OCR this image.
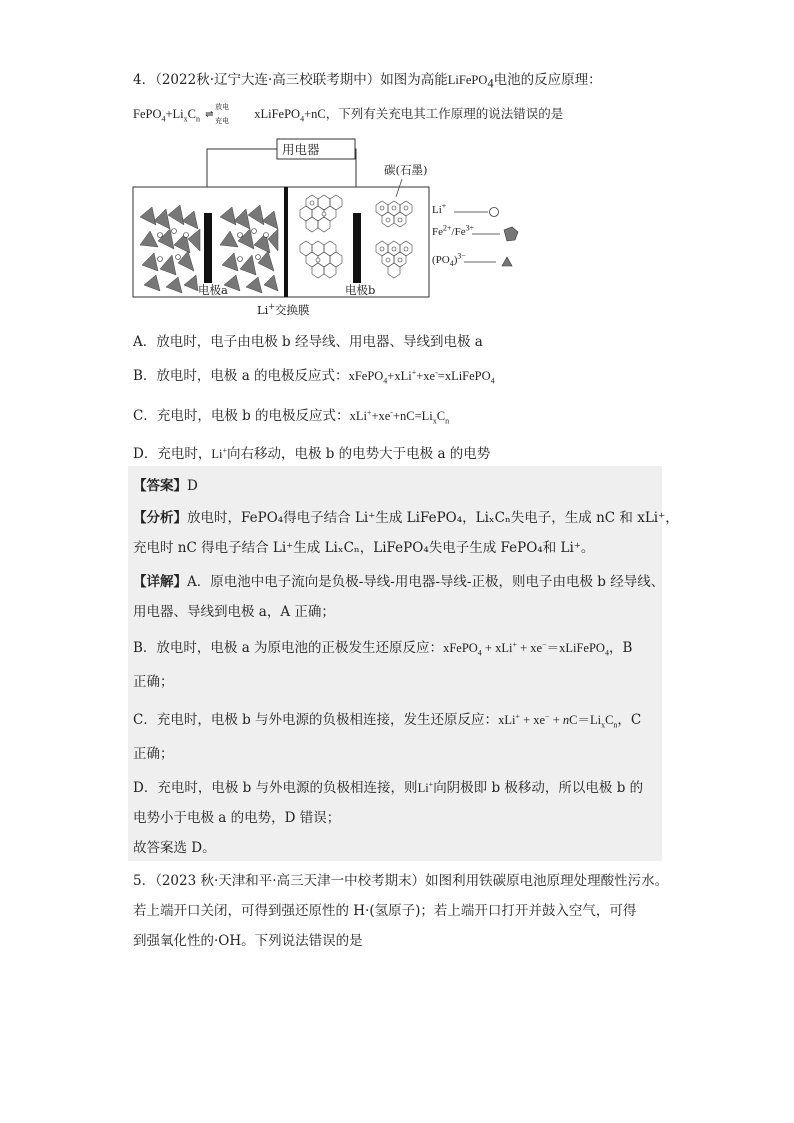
4．（2022秋·辽宁大连·高三校联考期中）如图为高能LiFePO$_4$电池的反应原理：
$FePO_4+Li_xC_n$
放电
⇌
充电
xLiFePO$_4$+nC，下列有关充电其工作原理的说法错误的是
用电器
碳(石墨)
电极a	电极b
Li+交换膜
Li+
$Fe^{2+}/Fe^{3+}$
$(PO_4)^{3-}$
A．放电时，电子由电极 b 经导线、用电器、导线到电极 a
B．放电时，电极 a 的电极反应式：xFePO$_4$+xLi++xe-=xLiFePO$_4$
C．充电时，电极 b 的电极反应式：$xLi^++xe^-+nC=Li_xC_n$
D．充电时，Li+向右移动，电极 b 的电势大于电极 a 的电势
【答案】D
【分析】放电时，FePO₄得电子结合 Li⁺生成 LiFePO₄，LiₓCₙ失电子，生成 nC 和 xLi⁺，
充电时 nC 得电子结合 Li⁺生成 LiₓCₙ，LiFePO₄失电子生成 FePO₄和 Li⁺。
【详解】A．原电池中电子流向是负极-导线-用电器-导线-正极，则电子由电极 b 经导线、
用电器、导线到电极 a，A 正确；
B．放电时，电极 a 为原电池的正极发生还原反应：xFePO$_4$ + xLi+ + xe−＝xLiFePO$_4$，B
正确；
C．充电时，电极 b 与外电源的负极相连接，发生还原反应：$xLi^+ + xe^- + nC=Li_xC_n$，C
正确；
D．充电时，电极 b 与外电源的负极相连接，则Li+向阴极即 b 极移动，所以电极 b 的
电势小于电极 a 的电势，D 错误；
故答案选 D。
5．（2023 秋·天津和平·高三天津一中校考期末）如图利用铁碳原电池原理处理酸性污水。
若上端开口关闭，可得到强还原性的 H·(氢原子)；若上端开口打开并鼓入空气，可得
到强氧化性的·OH。下列说法错误的是
